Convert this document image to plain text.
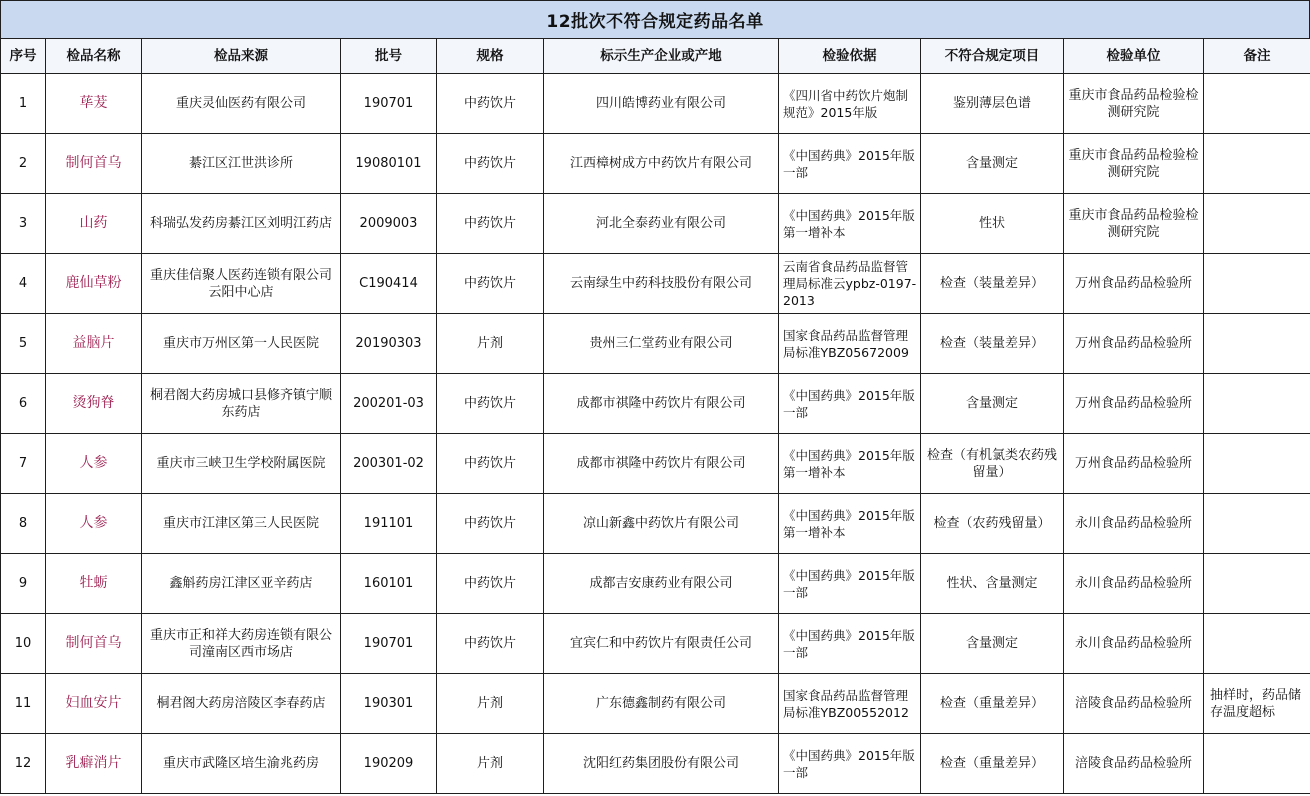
12批次不符合规定药品名单
序号	检品名称	检品来源	批号	规格	标示生产企业或产地	检验依据	不符合规定项目	检验单位	备注
1	荜茇	重庆灵仙医药有限公司	190701	中药饮片	四川皓博药业有限公司	《四川省中药饮片炮制规范》2015年版	鉴别薄层色谱	重庆市食品药品检验检测研究院	
2	制何首乌	綦江区江世洪诊所	19080101	中药饮片	江西樟树成方中药饮片有限公司	《中国药典》2015年版一部	含量测定	重庆市食品药品检验检测研究院	
3	山药	科瑞弘发药房綦江区刘明江药店	2009003	中药饮片	河北全泰药业有限公司	《中国药典》2015年版第一增补本	性状	重庆市食品药品检验检测研究院	
4	鹿仙草粉	重庆佳信聚人医药连锁有限公司云阳中心店	C190414	中药饮片	云南绿生中药科技股份有限公司	云南省食品药品监督管理局标准云ypbz-0197-2013	检查（装量差异）	万州食品药品检验所	
5	益脑片	重庆市万州区第一人民医院	20190303	片剂	贵州三仁堂药业有限公司	国家食品药品监督管理局标准YBZ05672009	检查（装量差异）	万州食品药品检验所	
6	烫狗脊	桐君阁大药房城口县修齐镇宁顺东药店	200201-03	中药饮片	成都市祺隆中药饮片有限公司	《中国药典》2015年版一部	含量测定	万州食品药品检验所	
7	人参	重庆市三峡卫生学校附属医院	200301-02	中药饮片	成都市祺隆中药饮片有限公司	《中国药典》2015年版第一增补本	检查（有机氯类农药残留量）	万州食品药品检验所	
8	人参	重庆市江津区第三人民医院	191101	中药饮片	凉山新鑫中药饮片有限公司	《中国药典》2015年版第一增补本	检查（农药残留量）	永川食品药品检验所	
9	牡蛎	鑫斛药房江津区亚辛药店	160101	中药饮片	成都吉安康药业有限公司	《中国药典》2015年版一部	性状、含量测定	永川食品药品检验所	
10	制何首乌	重庆市正和祥大药房连锁有限公司潼南区西市场店	190701	中药饮片	宜宾仁和中药饮片有限责任公司	《中国药典》2015年版一部	含量测定	永川食品药品检验所	
11	妇血安片	桐君阁大药房涪陵区李春药店	190301	片剂	广东德鑫制药有限公司	国家食品药品监督管理局标准YBZ00552012	检查（重量差异）	涪陵食品药品检验所	抽样时，药品储存温度超标
12	乳癖消片	重庆市武隆区培生渝兆药房	190209	片剂	沈阳红药集团股份有限公司	《中国药典》2015年版一部	检查（重量差异）	涪陵食品药品检验所	
